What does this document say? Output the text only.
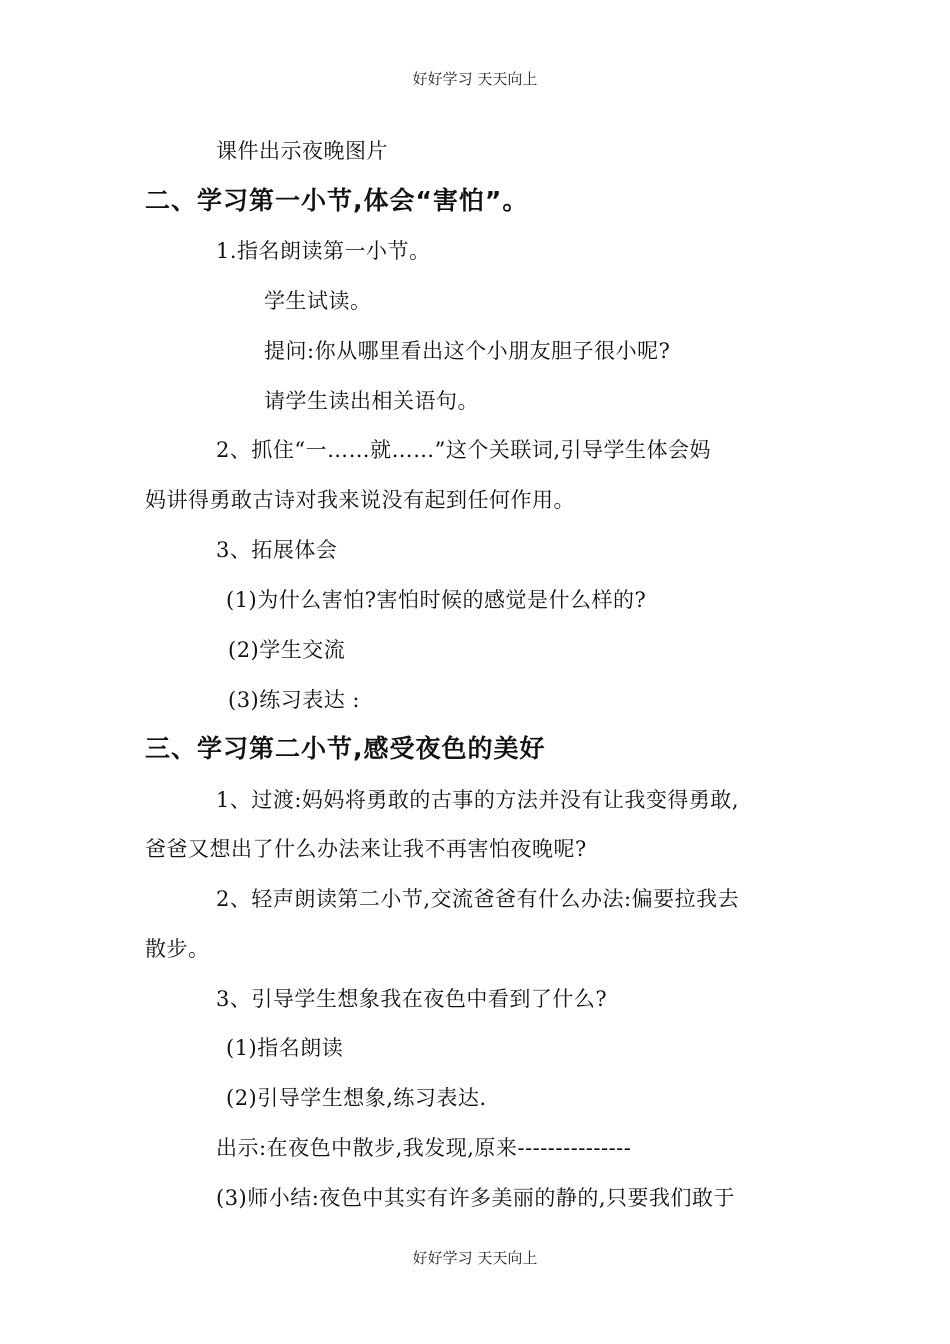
好好学习 天天向上
课件出示夜晚图片
二、学习第一小节,体会“害怕”。
1.指名朗读第一小节。
学生试读。
提问:你从哪里看出这个小朋友胆子很小呢?
请学生读出相关语句。
2、抓住“一……就……”这个关联词,引导学生体会妈
妈讲得勇敢古诗对我来说没有起到任何作用。
3、拓展体会
(1)为什么害怕?害怕时候的感觉是什么样的?
(2)学生交流
(3)练习表达 :
三、学习第二小节,感受夜色的美好
1、过渡:妈妈将勇敢的古事的方法并没有让我变得勇敢,
爸爸又想出了什么办法来让我不再害怕夜晚呢?
2、轻声朗读第二小节,交流爸爸有什么办法:偏要拉我去
散步。
3、引导学生想象我在夜色中看到了什么?
(1)指名朗读
(2)引导学生想象,练习表达.
出示:在夜色中散步,我发现,原来---------------
(3)师小结:夜色中其实有许多美丽的静的,只要我们敢于
好好学习 天天向上
